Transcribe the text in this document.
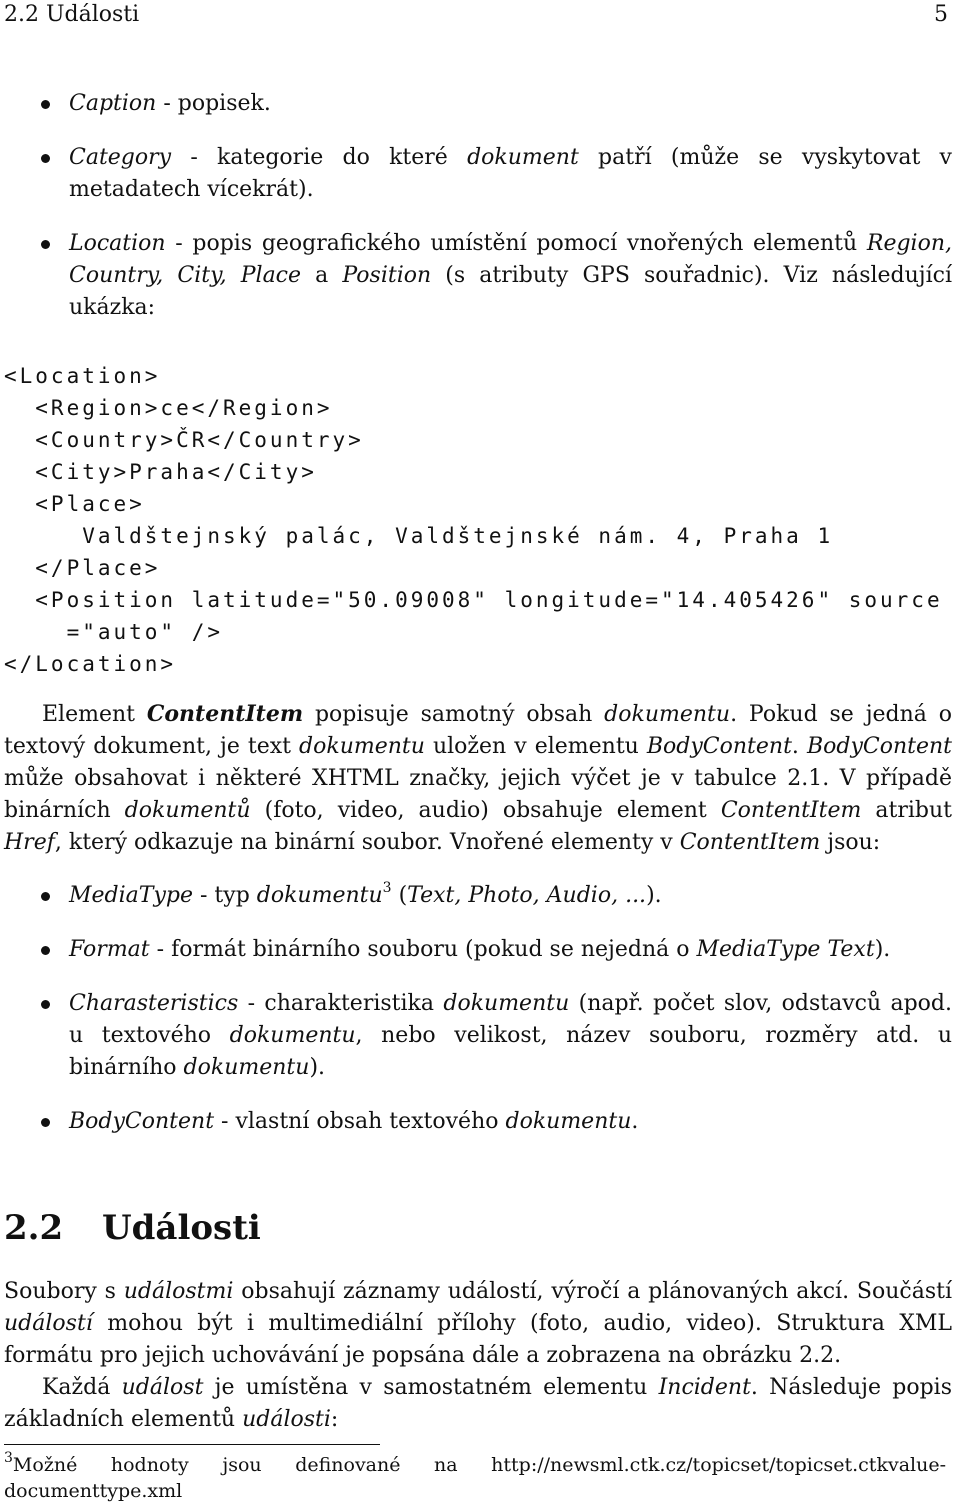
2.2 Události	5
Caption - popisek.
Category - kategorie do které dokument patří (může se vyskytovat v metadatech vícekrát).
Location - popis geografického umístění pomocí vnořených elementů Region, Country, City, Place a Position (s atributy GPS souřadnic). Viz následující ukázka:
<Location>
<Region>ce</Region>
<Country>ČR</Country>
<City>Praha</City>
<Place>
Valdštejnský palác, Valdštejnské nám. 4, Praha 1
</Place>
<Position latitude="50.09008" longitude="14.405426" source
="auto" />
</Location>

Element ContentItem popisuje samotný obsah dokumentu. Pokud se jedná o textový dokument, je text dokumentu uložen v elementu BodyContent. BodyContent může obsahovat i některé XHTML značky, jejich výčet je v tabulce 2.1. V případě binárních dokumentů (foto, video, audio) obsahuje element ContentItem atribut Href, který odkazuje na binární soubor. Vnořené elementy v ContentItem jsou:

MediaType - typ dokumentu$^3$ (Text, Photo, Audio, ...).
Format - formát binárního souboru (pokud se nejedná o MediaType Text).
Charasteristics - charakteristika dokumentu (např. počet slov, odstavců apod. u textového dokumentu, nebo velikost, název souboru, rozměry atd. u binárního dokumentu).
BodyContent - vlastní obsah textového dokumentu.
2.2 Události

Soubory s událostmi obsahují záznamy událostí, výročí a plánovaných akcí. Součástí událostí mohou být i multimediální přílohy (foto, audio, video). Struktura XML formátu pro jejich uchovávání je popsána dále a zobrazena na obrázku 2.2.

Každá událost je umístěna v samostatném elementu Incident. Následuje popis základních elementů události:

$^3$Možné hodnoty jsou definované na http://newsml.ctk.cz/topicset/topicset.ctkvalue-documenttype.xml
